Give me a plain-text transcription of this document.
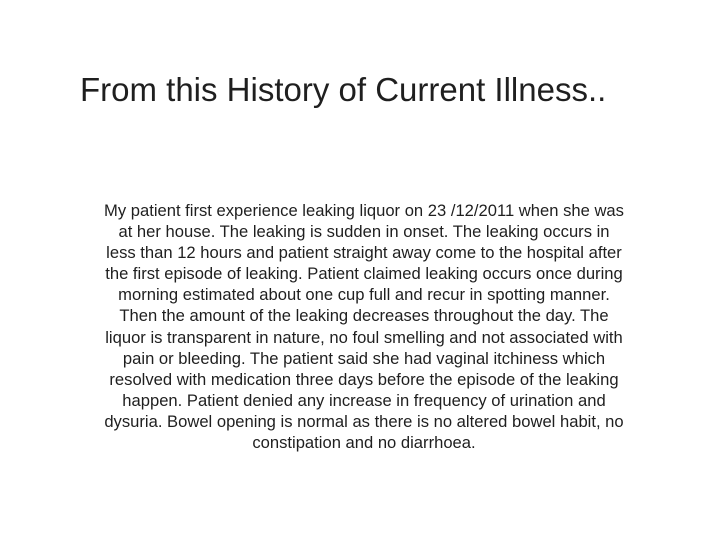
From this History of Current Illness..

My patient first experience leaking liquor on 23 /12/2011 when she was
at her house. The leaking is sudden in onset. The leaking occurs in
less than 12 hours and patient straight away come to the hospital after
the first episode of leaking. Patient claimed leaking occurs once during
morning estimated about one cup full and recur in spotting manner.
Then the amount of the leaking decreases throughout the day. The
liquor is transparent in nature, no foul smelling and not associated with
pain or bleeding. The patient said she had vaginal itchiness which
resolved with medication three days before the episode of the leaking
happen. Patient denied any increase in frequency of urination and
dysuria. Bowel opening is normal as there is no altered bowel habit, no
constipation and no diarrhoea.
